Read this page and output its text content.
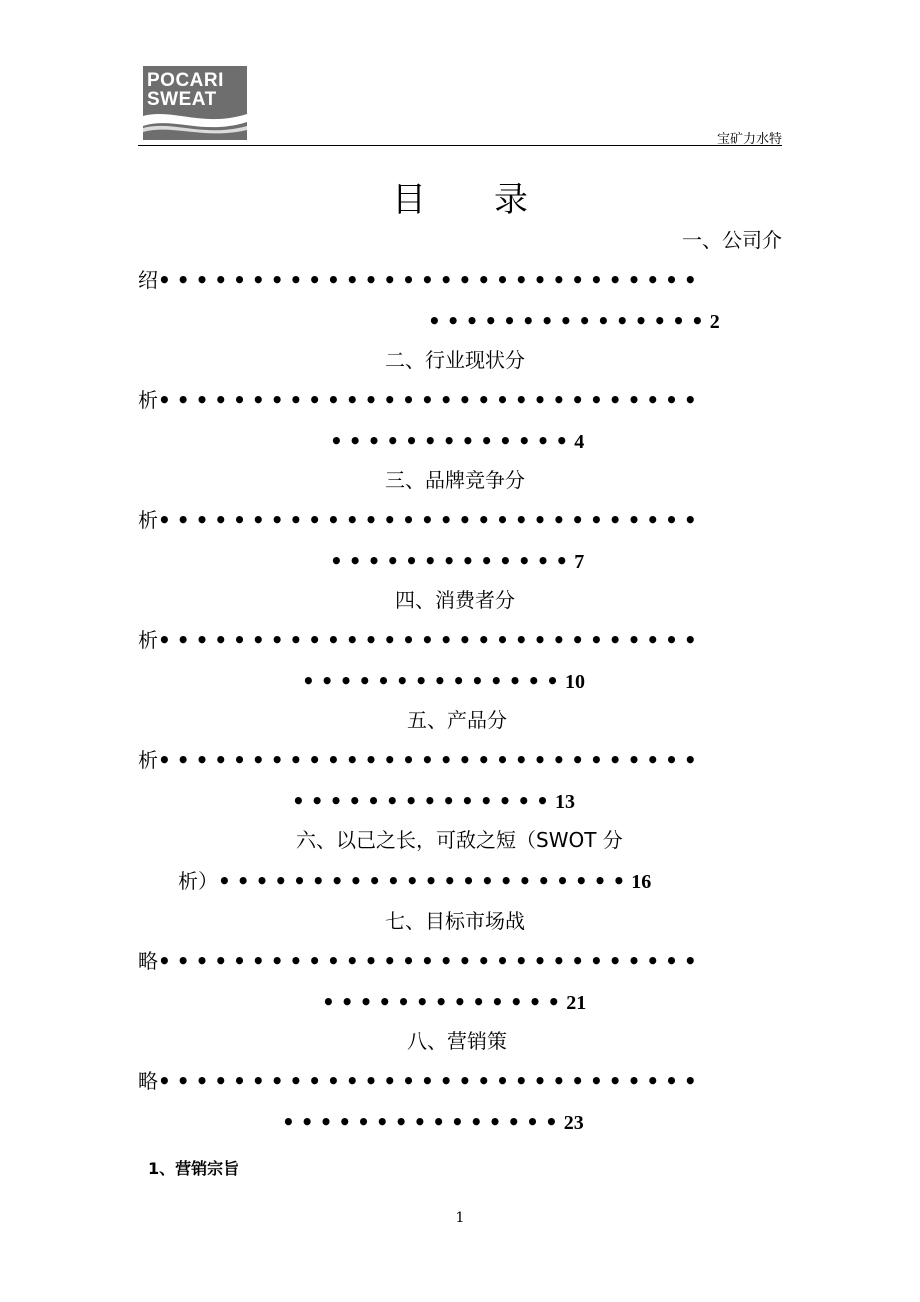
POCARI
SWEAT
宝矿力水特
目录
一、公司介
绍•••••••••••••••••••••••••••••
•••••••••••••••2
二、行业现状分
析•••••••••••••••••••••••••••••
•••••••••••••4
三、品牌竞争分
析•••••••••••••••••••••••••••••
•••••••••••••7
四、消费者分
析•••••••••••••••••••••••••••••
••••••••••••••10
五、产品分
析•••••••••••••••••••••••••••••
••••••••••••••13
六、以己之长，可敌之短（SWOT 分
析）••••••••••••••••••••••16
七、目标市场战
略•••••••••••••••••••••••••••••
•••••••••••••21
八、营销策
略•••••••••••••••••••••••••••••
•••••••••••••••23
1、营销宗旨
1
